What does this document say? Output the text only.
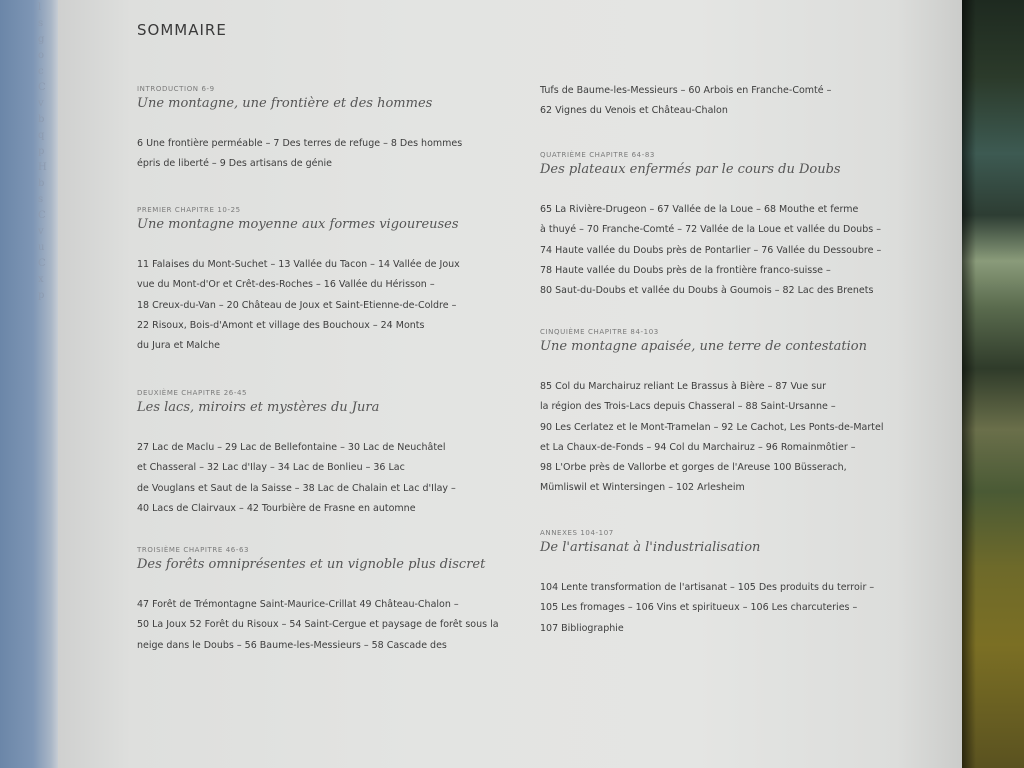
l
s
g
o
c
C
v
b
q
p
H
b
s
C
v
u
C
x
p
SOMMAIRE
INTRODUCTION 6-9
Une montagne, une frontière et des hommes
6 Une frontière perméable – 7 Des terres de refuge – 8 Des hommes
épris de liberté – 9 Des artisans de génie
PREMIER CHAPITRE 10-25
Une montagne moyenne aux formes vigoureuses
11 Falaises du Mont-Suchet – 13 Vallée du Tacon – 14 Vallée de Joux
vue du Mont-d'Or et Crêt-des-Roches – 16 Vallée du Hérisson –
18 Creux-du-Van – 20 Château de Joux et Saint-Etienne-de-Coldre –
22 Risoux, Bois-d'Amont et village des Bouchoux – 24 Monts
du Jura et Malche
DEUXIÈME CHAPITRE 26-45
Les lacs, miroirs et mystères du Jura
27 Lac de Maclu – 29 Lac de Bellefontaine – 30 Lac de Neuchâtel
et Chasseral – 32 Lac d'Ilay – 34 Lac de Bonlieu – 36 Lac
de Vouglans et Saut de la Saisse – 38 Lac de Chalain et Lac d'Ilay –
40 Lacs de Clairvaux – 42 Tourbière de Frasne en automne
TROISIÈME CHAPITRE 46-63
Des forêts omniprésentes et un vignoble plus discret
47 Forêt de Trémontagne Saint-Maurice-Crillat 49 Château-Chalon –
50 La Joux 52 Forêt du Risoux – 54 Saint-Cergue et paysage de forêt sous la
neige dans le Doubs – 56 Baume-les-Messieurs – 58 Cascade des
Tufs de Baume-les-Messieurs – 60 Arbois en Franche-Comté –
62 Vignes du Venois et Château-Chalon
QUATRIÈME CHAPITRE 64-83
Des plateaux enfermés par le cours du Doubs
65 La Rivière-Drugeon – 67 Vallée de la Loue – 68 Mouthe et ferme
à thuyé – 70 Franche-Comté – 72 Vallée de la Loue et vallée du Doubs –
74 Haute vallée du Doubs près de Pontarlier – 76 Vallée du Dessoubre –
78 Haute vallée du Doubs près de la frontière franco-suisse –
80 Saut-du-Doubs et vallée du Doubs à Goumois – 82 Lac des Brenets
CINQUIÈME CHAPITRE 84-103
Une montagne apaisée, une terre de contestation
85 Col du Marchairuz reliant Le Brassus à Bière – 87 Vue sur
la région des Trois-Lacs depuis Chasseral – 88 Saint-Ursanne –
90 Les Cerlatez et le Mont-Tramelan – 92 Le Cachot, Les Ponts-de-Martel
et La Chaux-de-Fonds – 94 Col du Marchairuz – 96 Romainmôtier –
98 L'Orbe près de Vallorbe et gorges de l'Areuse 100 Büsserach,
Mümliswil et Wintersingen – 102 Arlesheim
ANNEXES 104-107
De l'artisanat à l'industrialisation
104 Lente transformation de l'artisanat – 105 Des produits du terroir –
105 Les fromages – 106 Vins et spiritueux – 106 Les charcuteries –
107 Bibliographie
